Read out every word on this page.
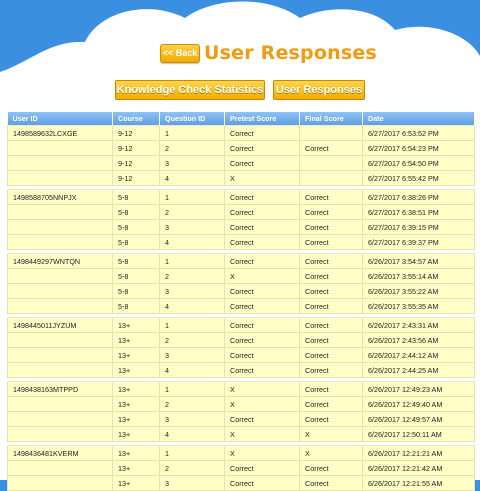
<< Back User Responses
Knowledge Check Statistics User Responses
User ID	Course	Question ID	Pretest Score	Final Score	Date
1498589632LCXGE	9-12	1	Correct		6/27/2017 6:53:52 PM
	9-12	2	Correct	Correct	6/27/2017 6:54:23 PM
	9-12	3	Correct		6/27/2017 6:54:50 PM
	9-12	4	X		6/27/2017 6:55:42 PM

1498588705NNPJX	5-8	1	Correct	Correct	6/27/2017 6:38:26 PM
	5-8	2	Correct	Correct	6/27/2017 6:38:51 PM
	5-8	3	Correct	Correct	6/27/2017 6:39:15 PM
	5-8	4	Correct	Correct	6/27/2017 6:39:37 PM

1498449297WNTQN	5-8	1	Correct	Correct	6/26/2017 3:54:57 AM
	5-8	2	X	Correct	6/26/2017 3:55:14 AM
	5-8	3	Correct	Correct	6/26/2017 3:55:22 AM
	5-8	4	Correct	Correct	6/26/2017 3:55:35 AM

1498445011JYZUM	13+	1	Correct	Correct	6/26/2017 2:43:31 AM
	13+	2	Correct	Correct	6/26/2017 2:43:56 AM
	13+	3	Correct	Correct	6/26/2017 2:44:12 AM
	13+	4	Correct	Correct	6/26/2017 2:44:25 AM

1498438163MTPPD	13+	1	X	Correct	6/26/2017 12:49:23 AM
	13+	2	X	Correct	6/26/2017 12:49:40 AM
	13+	3	Correct	Correct	6/26/2017 12:49:57 AM
	13+	4	X	X	6/26/2017 12:50:11 AM

1498436481KVERM	13+	1	X	X	6/26/2017 12:21:21 AM
	13+	2	Correct	Correct	6/26/2017 12:21:42 AM
	13+	3	Correct	Correct	6/26/2017 12:21:55 AM
